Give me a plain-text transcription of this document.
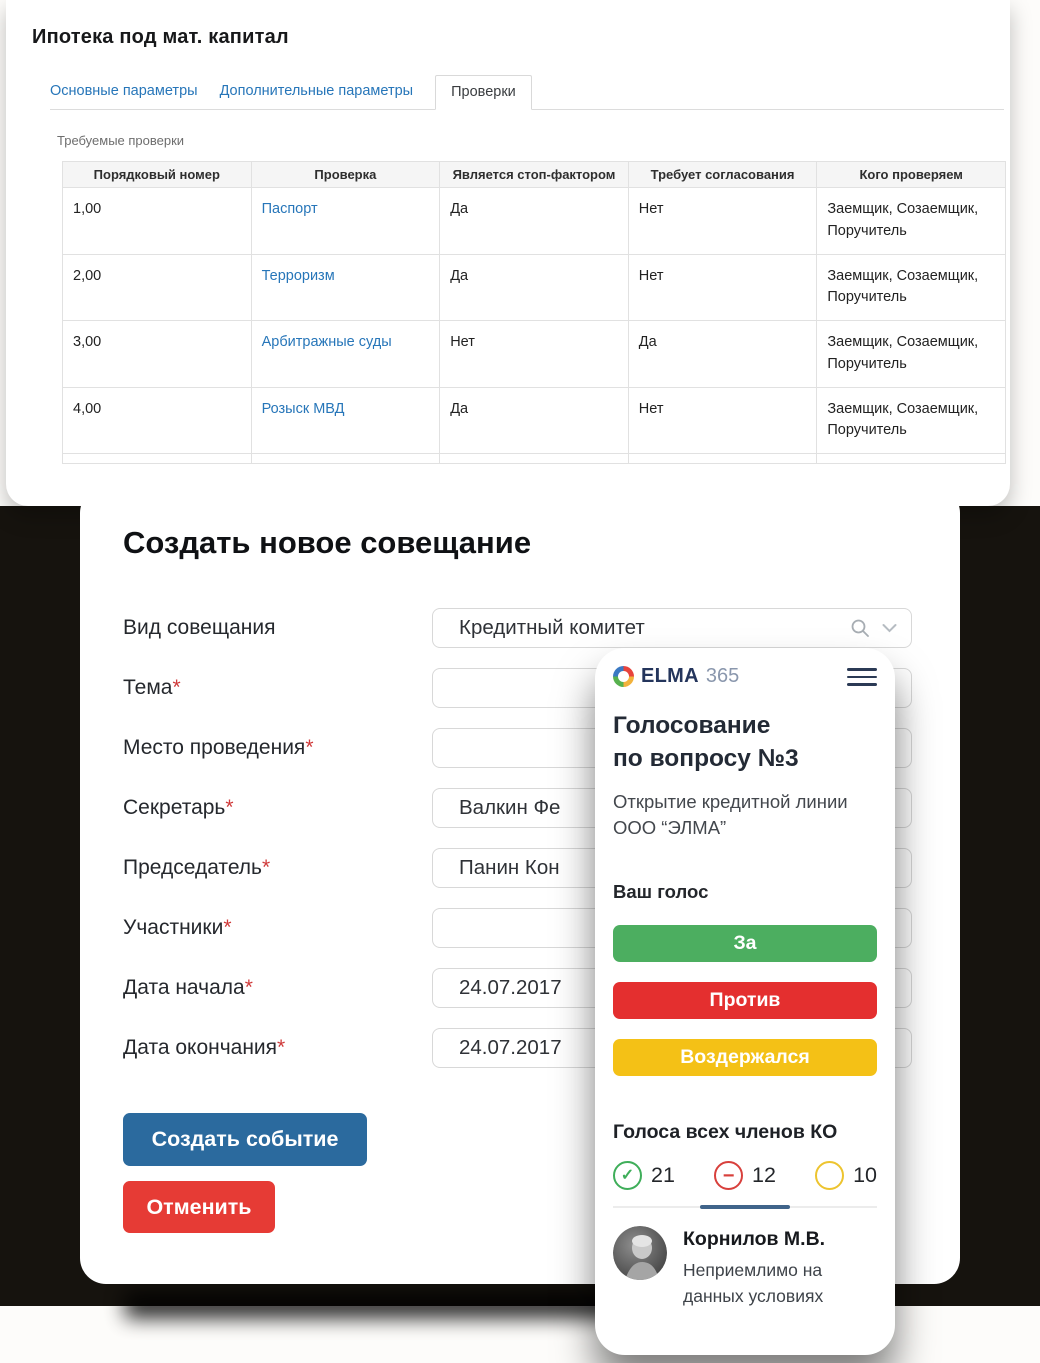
Ипотека под мат. капитал
Основные параметры Дополнительные параметры	Проверки
Требуемые проверки
Порядковый номер	Проверка	Является стоп-фактором	Требует согласования	Кого проверяем
1,00	Паспорт	Да	Нет	Заемщик, Созаемщик, Поручитель
2,00	Терроризм	Да	Нет	Заемщик, Созаемщик, Поручитель
3,00	Арбитражные суды	Нет	Да	Заемщик, Созаемщик, Поручитель
4,00	Розыск МВД	Да	Нет	Заемщик, Созаемщик, Поручитель

Создать новое совещание
Вид совещания	Кредитный комитет
Тема*
Место проведения*
Секретарь*	Валкин Фе
Председатель*	Панин Кон
Участники*
Дата начала*	24.07.2017
Дата окончания*	24.07.2017
Создать событие
Отменить
ELMA 365
Голосование
по вопросу №3
Открытие кредитной линии ООО “ЭЛМА”
Ваш голос
За
Против
Воздержался
Голоса всех членов КО
✓ 21	− 12	10
Корнилов М.В.
Неприемлимо на данных условиях
